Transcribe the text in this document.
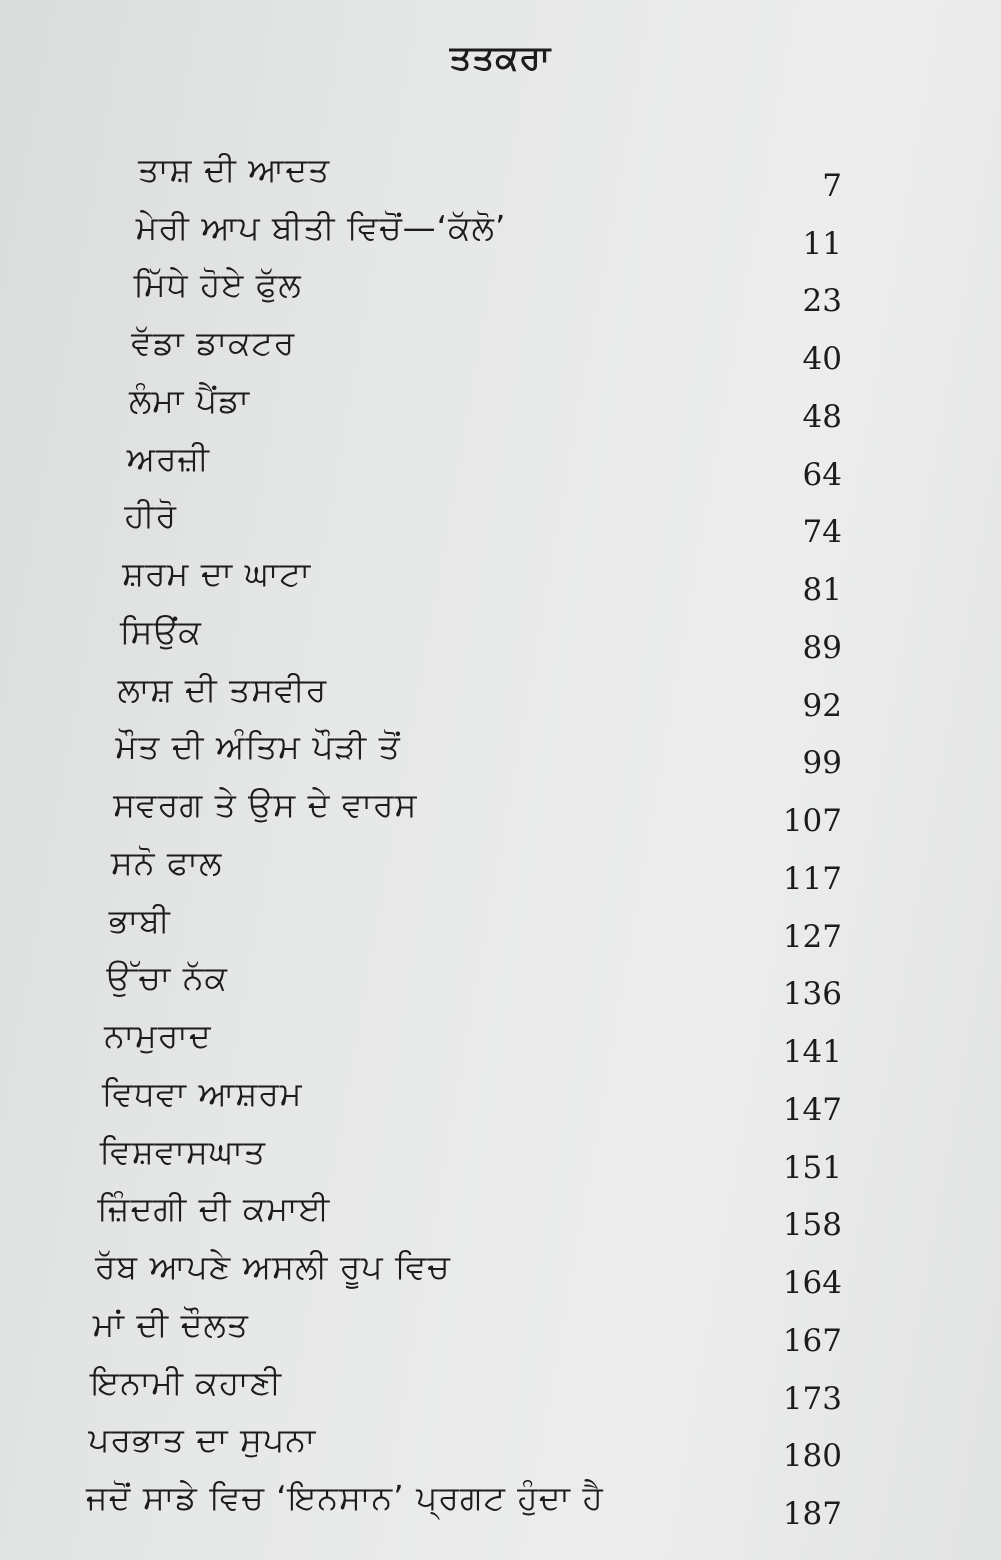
ਤਤਕਰਾ
ਤਾਸ਼ ਦੀ ਆਦਤ	7
ਮੇਰੀ ਆਪ ਬੀਤੀ ਵਿਚੋਂ—‘ਕੱਲੋ’	11
ਮਿੱਧੇ ਹੋਏ ਫੁੱਲ	23
ਵੱਡਾ ਡਾਕਟਰ	40
ਲੰਮਾ ਪੈਂਡਾ	48
ਅਰਜ਼ੀ	64
ਹੀਰੋ	74
ਸ਼ਰਮ ਦਾ ਘਾਟਾ	81
ਸਿਉਂਕ	89
ਲਾਸ਼ ਦੀ ਤਸਵੀਰ	92
ਮੌਤ ਦੀ ਅੰਤਿਮ ਪੌੜੀ ਤੋਂ	99
ਸਵਰਗ ਤੇ ਉਸ ਦੇ ਵਾਰਸ	107
ਸਨੋ ਫਾਲ	117
ਭਾਬੀ	127
ਉੱਚਾ ਨੱਕ	136
ਨਾਮੁਰਾਦ	141
ਵਿਧਵਾ ਆਸ਼ਰਮ	147
ਵਿਸ਼ਵਾਸਘਾਤ	151
ਜ਼ਿੰਦਗੀ ਦੀ ਕਮਾਈ	158
ਰੱਬ ਆਪਣੇ ਅਸਲੀ ਰੂਪ ਵਿਚ	164
ਮਾਂ ਦੀ ਦੌਲਤ	167
ਇਨਾਮੀ ਕਹਾਣੀ	173
ਪਰਭਾਤ ਦਾ ਸੁਪਨਾ	180
ਜਦੋਂ ਸਾਡੇ ਵਿਚ ‘ਇਨਸਾਨ’ ਪ੍ਰਗਟ ਹੁੰਦਾ ਹੈ	187
